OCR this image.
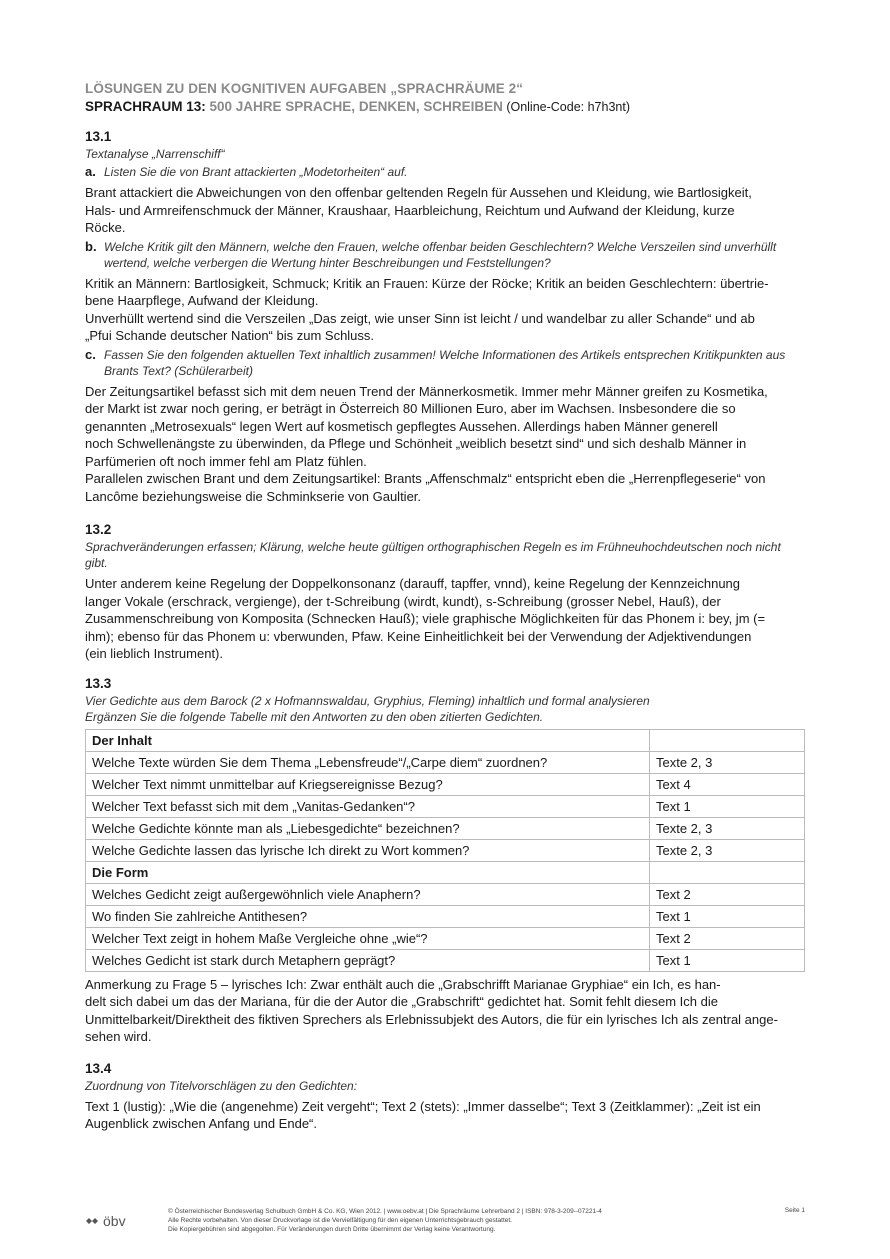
LÖSUNGEN ZU DEN KOGNITIVEN AUFGABEN „SPRACHRÄUME 2“
SPRACHRAUM 13: 500 JAHRE SPRACHE, DENKEN, SCHREIBEN (Online-Code: h7h3nt)
13.1
Textanalyse „Narrenschiff“
a. Listen Sie die von Brant attackierten „Modetorheiten“ auf.
Brant attackiert die Abweichungen von den offenbar geltenden Regeln für Aussehen und Kleidung, wie Bartlosigkeit,
Hals- und Armreifenschmuck der Männer, Kraushaar, Haarbleichung, Reichtum und Aufwand der Kleidung, kurze
Röcke.
b. Welche Kritik gilt den Männern, welche den Frauen, welche offenbar beiden Geschlechtern? Welche Verszeilen sind unverhüllt
wertend, welche verbergen die Wertung hinter Beschreibungen und Feststellungen?
Kritik an Männern: Bartlosigkeit, Schmuck; Kritik an Frauen: Kürze der Röcke; Kritik an beiden Geschlechtern: übertrie-
bene Haarpflege, Aufwand der Kleidung.
Unverhüllt wertend sind die Verszeilen „Das zeigt, wie unser Sinn ist leicht / und wandelbar zu aller Schande“ und ab
„Pfui Schande deutscher Nation“ bis zum Schluss.
c. Fassen Sie den folgenden aktuellen Text inhaltlich zusammen! Welche Informationen des Artikels entsprechen Kritikpunkten aus
Brants Text? (Schülerarbeit)
Der Zeitungsartikel befasst sich mit dem neuen Trend der Männerkosmetik. Immer mehr Männer greifen zu Kosmetika,
der Markt ist zwar noch gering, er beträgt in Österreich 80 Millionen Euro, aber im Wachsen. Insbesondere die so
genannten „Metrosexuals“ legen Wert auf kosmetisch gepflegtes Aussehen. Allerdings haben Männer generell
noch Schwellenängste zu überwinden, da Pflege und Schönheit „weiblich besetzt sind“ und sich deshalb Männer in
Parfümerien oft noch immer fehl am Platz fühlen.
Parallelen zwischen Brant und dem Zeitungsartikel: Brants „Affenschmalz“ entspricht eben die „Herrenpflegeserie“ von
Lancôme beziehungsweise die Schminkserie von Gaultier.
13.2
Sprachveränderungen erfassen; Klärung, welche heute gültigen orthographischen Regeln es im Frühneuhochdeutschen noch nicht
gibt.
Unter anderem keine Regelung der Doppelkonsonanz (darauff, tapffer, vnnd), keine Regelung der Kennzeichnung
langer Vokale (erschrack, vergienge), der t-Schreibung (wirdt, kundt), s-Schreibung (grosser Nebel, Hauß), der
Zusammenschreibung von Komposita (Schnecken Hauß); viele graphische Möglichkeiten für das Phonem i: bey, jm (=
ihm); ebenso für das Phonem u: vberwunden, Pfaw. Keine Einheitlichkeit bei der Verwendung der Adjektivendungen
(ein lieblich Instrument).
13.3
Vier Gedichte aus dem Barock (2 x Hofmannswaldau, Gryphius, Fleming) inhaltlich und formal analysieren
Ergänzen Sie die folgende Tabelle mit den Antworten zu den oben zitierten Gedichten.
Der Inhalt	
Welche Texte würden Sie dem Thema „Lebensfreude“/„Carpe diem“ zuordnen?	Texte 2, 3
Welcher Text nimmt unmittelbar auf Kriegsereignisse Bezug?	Text 4
Welcher Text befasst sich mit dem „Vanitas-Gedanken“?	Text 1
Welche Gedichte könnte man als „Liebesgedichte“ bezeichnen?	Texte 2, 3
Welche Gedichte lassen das lyrische Ich direkt zu Wort kommen?	Texte 2, 3
Die Form	
Welches Gedicht zeigt außergewöhnlich viele Anaphern?	Text 2
Wo finden Sie zahlreiche Antithesen?	Text 1
Welcher Text zeigt in hohem Maße Vergleiche ohne „wie“?	Text 2
Welches Gedicht ist stark durch Metaphern geprägt?	Text 1
Anmerkung zu Frage 5 – lyrisches Ich: Zwar enthält auch die „Grabschrifft Marianae Gryphiae“ ein Ich, es han-
delt sich dabei um das der Mariana, für die der Autor die „Grabschrift“ gedichtet hat. Somit fehlt diesem Ich die
Unmittelbarkeit/Direktheit des fiktiven Sprechers als Erlebnissubjekt des Autors, die für ein lyrisches Ich als zentral ange-
sehen wird.
13.4
Zuordnung von Titelvorschlägen zu den Gedichten:
Text 1 (lustig): „Wie die (angenehme) Zeit vergeht“; Text 2 (stets): „Immer dasselbe“; Text 3 (Zeitklammer): „Zeit ist ein
Augenblick zwischen Anfang und Ende“.
öbv
© Österreichischer Bundesverlag Schulbuch GmbH & Co. KG, Wien 2012. | www.oebv.at | Die Sprachräume Lehrerband 2 | ISBN: 978-3-209--07221-4
Alle Rechte vorbehalten. Von dieser Druckvorlage ist die Vervielfältigung für den eigenen Unterrichtsgebrauch gestattet.
Die Kopiergebühren sind abgegolten. Für Veränderungen durch Dritte übernimmt der Verlag keine Verantwortung.
Seite 1
